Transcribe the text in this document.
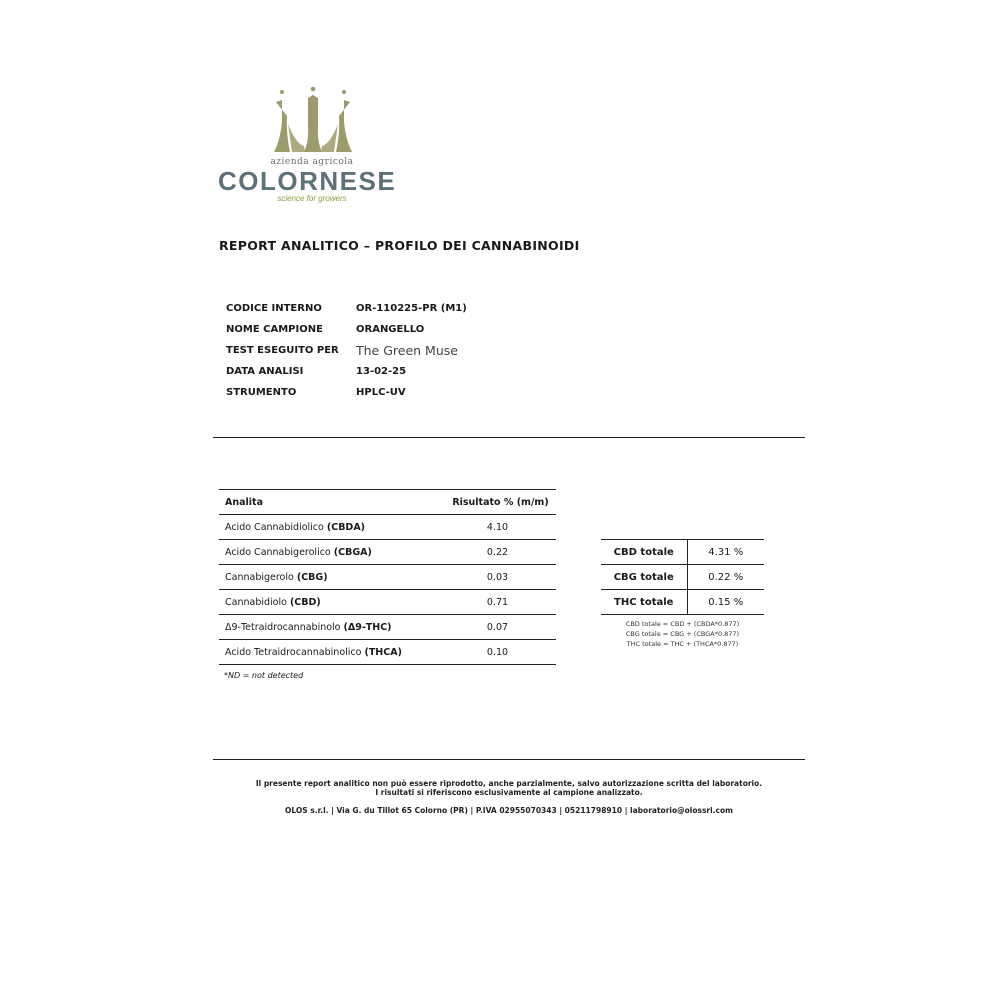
azienda agricola
COLORNESE
science for growers
REPORT ANALITICO – PROFILO DEI CANNABINOIDI
CODICE INTERNO	OR-110225-PR (M1)
NOME CAMPIONE	ORANGELLO
TEST ESEGUITO PER	The Green Muse
DATA ANALISI	13-02-25
STRUMENTO	HPLC-UV
Analita	Risultato % (m/m)
Acido Cannabidiolico (CBDA)	4.10
Acido Cannabigerolico (CBGA)	0.22
Cannabigerolo (CBG)	0.03
Cannabidiolo (CBD)	0.71
Δ9-Tetraidrocannabinolo (Δ9-THC)	0.07
Acido Tetraidrocannabinolico (THCA)	0.10
*ND = not detected
CBD totale	4.31 %
CBG totale	0.22 %
THC totale	0.15 %
CBD totale = CBD + (CBDA*0.877)
CBG totale = CBG + (CBGA*0.877)
THC totale = THC + (THCA*0.877)
Il presente report analitico non può essere riprodotto, anche parzialmente, salvo autorizzazione scritta del laboratorio.
I risultati si riferiscono esclusivamente al campione analizzato.
OLOS s.r.l. | Via G. du Tillot 65 Colorno (PR) | P.IVA 02955070343 | 05211798910 | laboratorio@olossrl.com
